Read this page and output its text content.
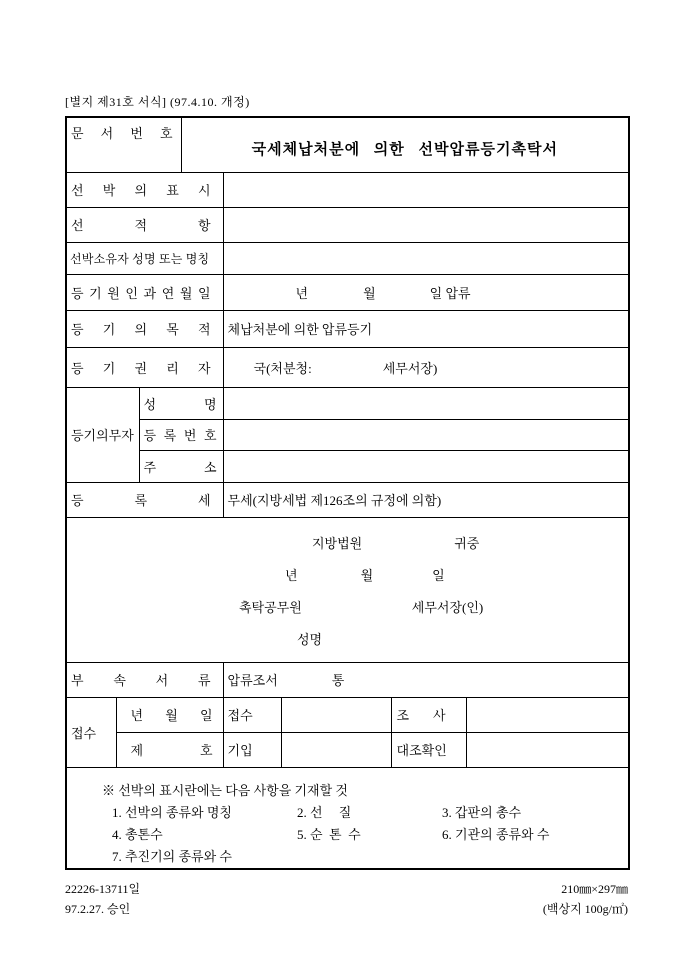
[별지 제31호 서식] (97.4.10. 개정)
문 서 번 호			국세체납처분에 의한 선박압류등기촉탁서				
선 박 의 표 시							
선 적 항							
선박소유자 성명 또는 명칭							
등 기 원 인 과 연 월 일				년 월 일 압류			
등 기 의 목 적				체납처분에 의한 압류등기			
등 기 권 리 자				국(처분청: 세무서장)			
등기의무자		성 명					
		등 록 번 호					
		주 소					
등 록 세				무세(지방세법 제126조의 규정에 의함)			

지방법원 귀중
년 월 일
촉탁공무원 세무서장(인)
성명							

부 속 서 류				압류조서 통			
접수	년 월 일			접수		조 사	
	제 호			기입		대조확인	

※ 선박의 표시란에는 다음 사항을 기재할 것
1. 선박의 종류와 명칭	2. 선     질	3. 갑판의 총수
4. 총톤수	5. 순  톤  수	6. 기관의 종류와 수
7. 추진기의 종류와 수
22226-13711일
97.2.27. 승인
210㎜×297㎜
(백상지 100g/㎡)
